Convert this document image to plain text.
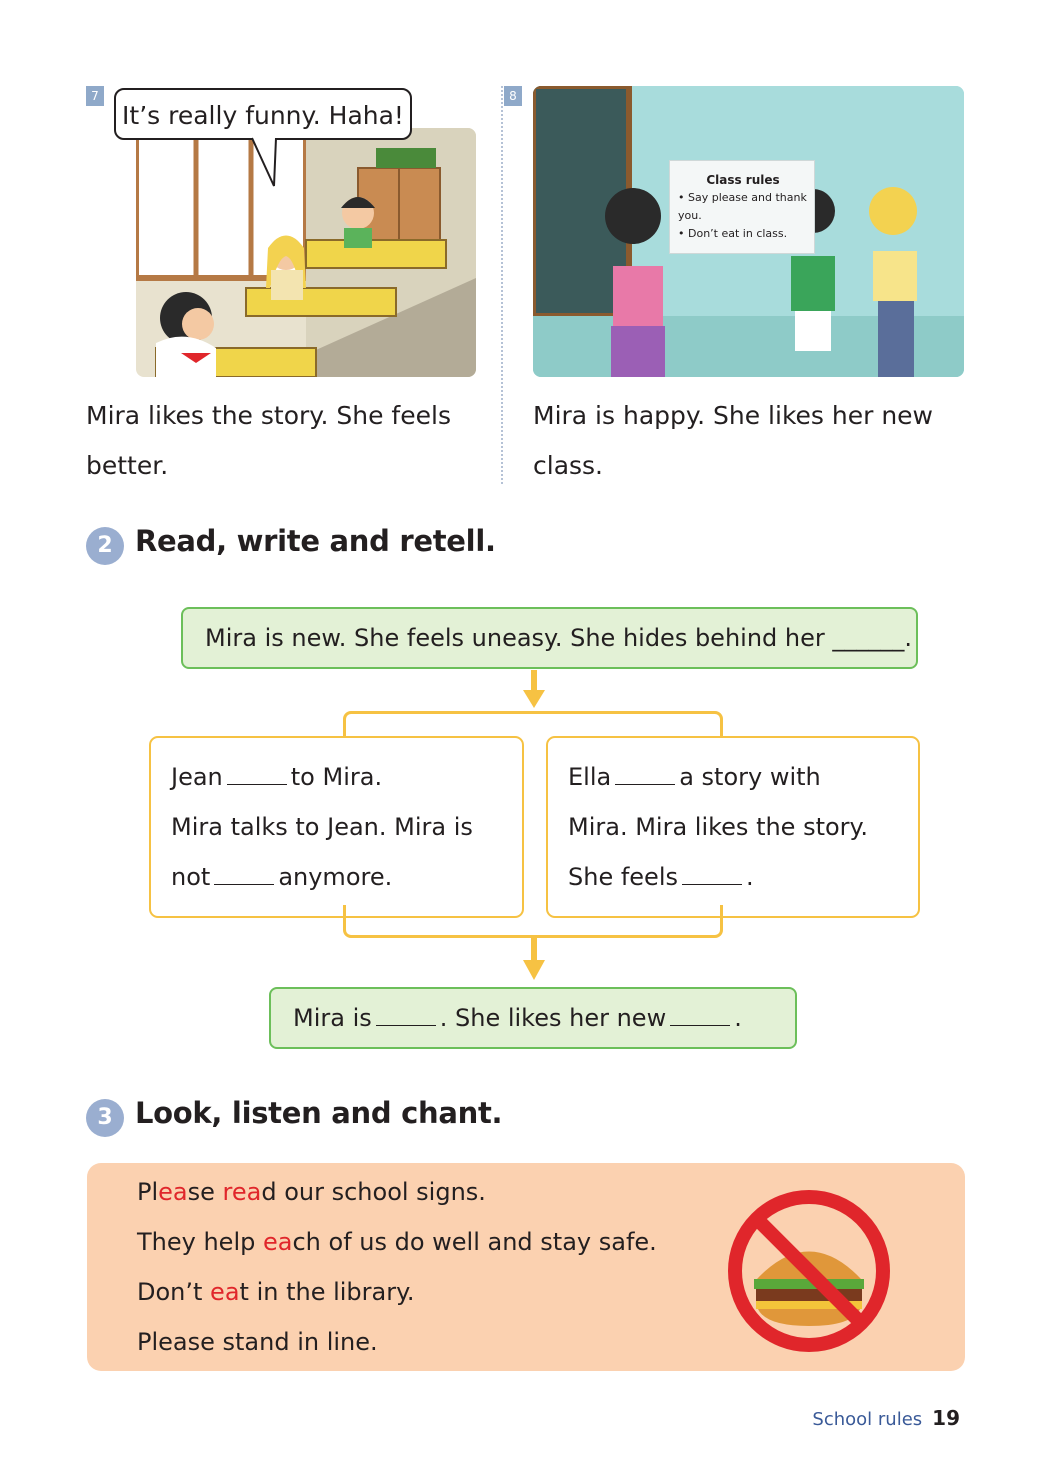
7
It’s really funny. Haha!
Mira likes the story. She feels
better.
8
Class rules
• Say please and thank you.
• Don’t eat in class.
Mira is happy. She likes her new
class.
2 Read, write and retell.
Mira is new. She feels uneasy. She hides behind her ______.
Jean	to Mira.
Mira talks to Jean. Mira is
not	anymore.
Ella	a story with
Mira. Mira likes the story.
She feels	.
Mira is	. She likes her new	.
3 Look, listen and chant.
Please read our school signs.
They help each of us do well and stay safe.
Don’t eat in the library.
Please stand in line.
School rules 19
